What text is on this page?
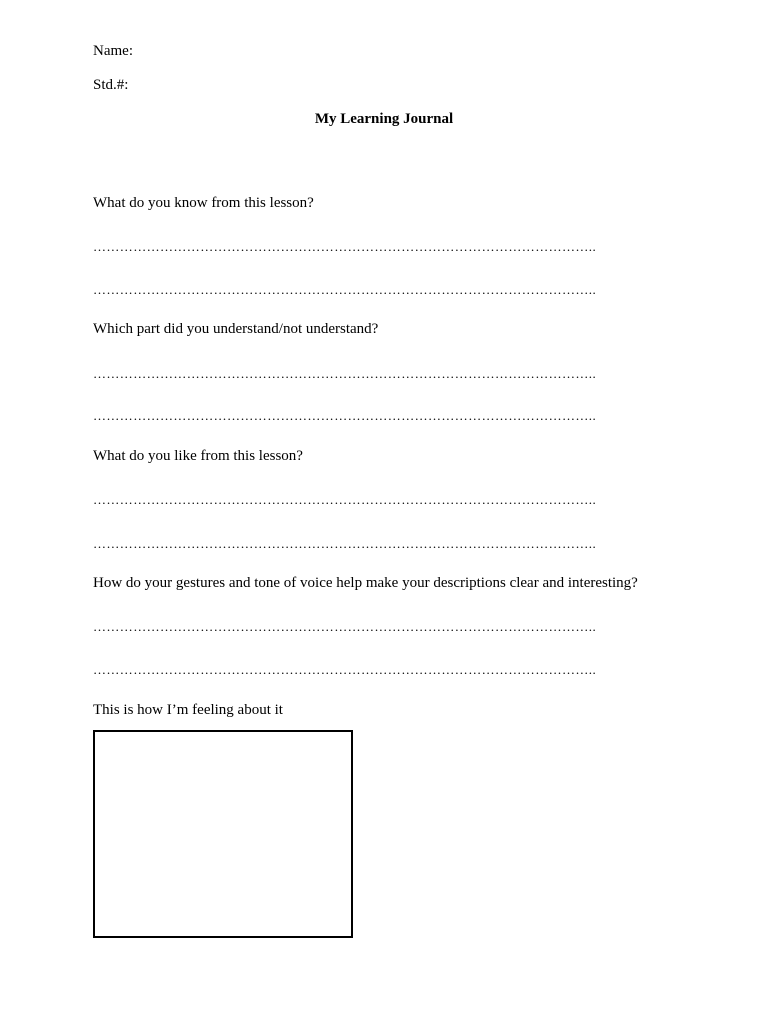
Name:
Std.#:
My Learning Journal
What do you know from this lesson?
…………………………………………………………………………………………………..
…………………………………………………………………………………………………..
Which part did you understand/not understand?
…………………………………………………………………………………………………..
…………………………………………………………………………………………………..
What do you like from this lesson?
…………………………………………………………………………………………………..
…………………………………………………………………………………………………..
How do your gestures and tone of voice help make your descriptions clear and interesting?
…………………………………………………………………………………………………..
…………………………………………………………………………………………………..
This is how I’m feeling about it
